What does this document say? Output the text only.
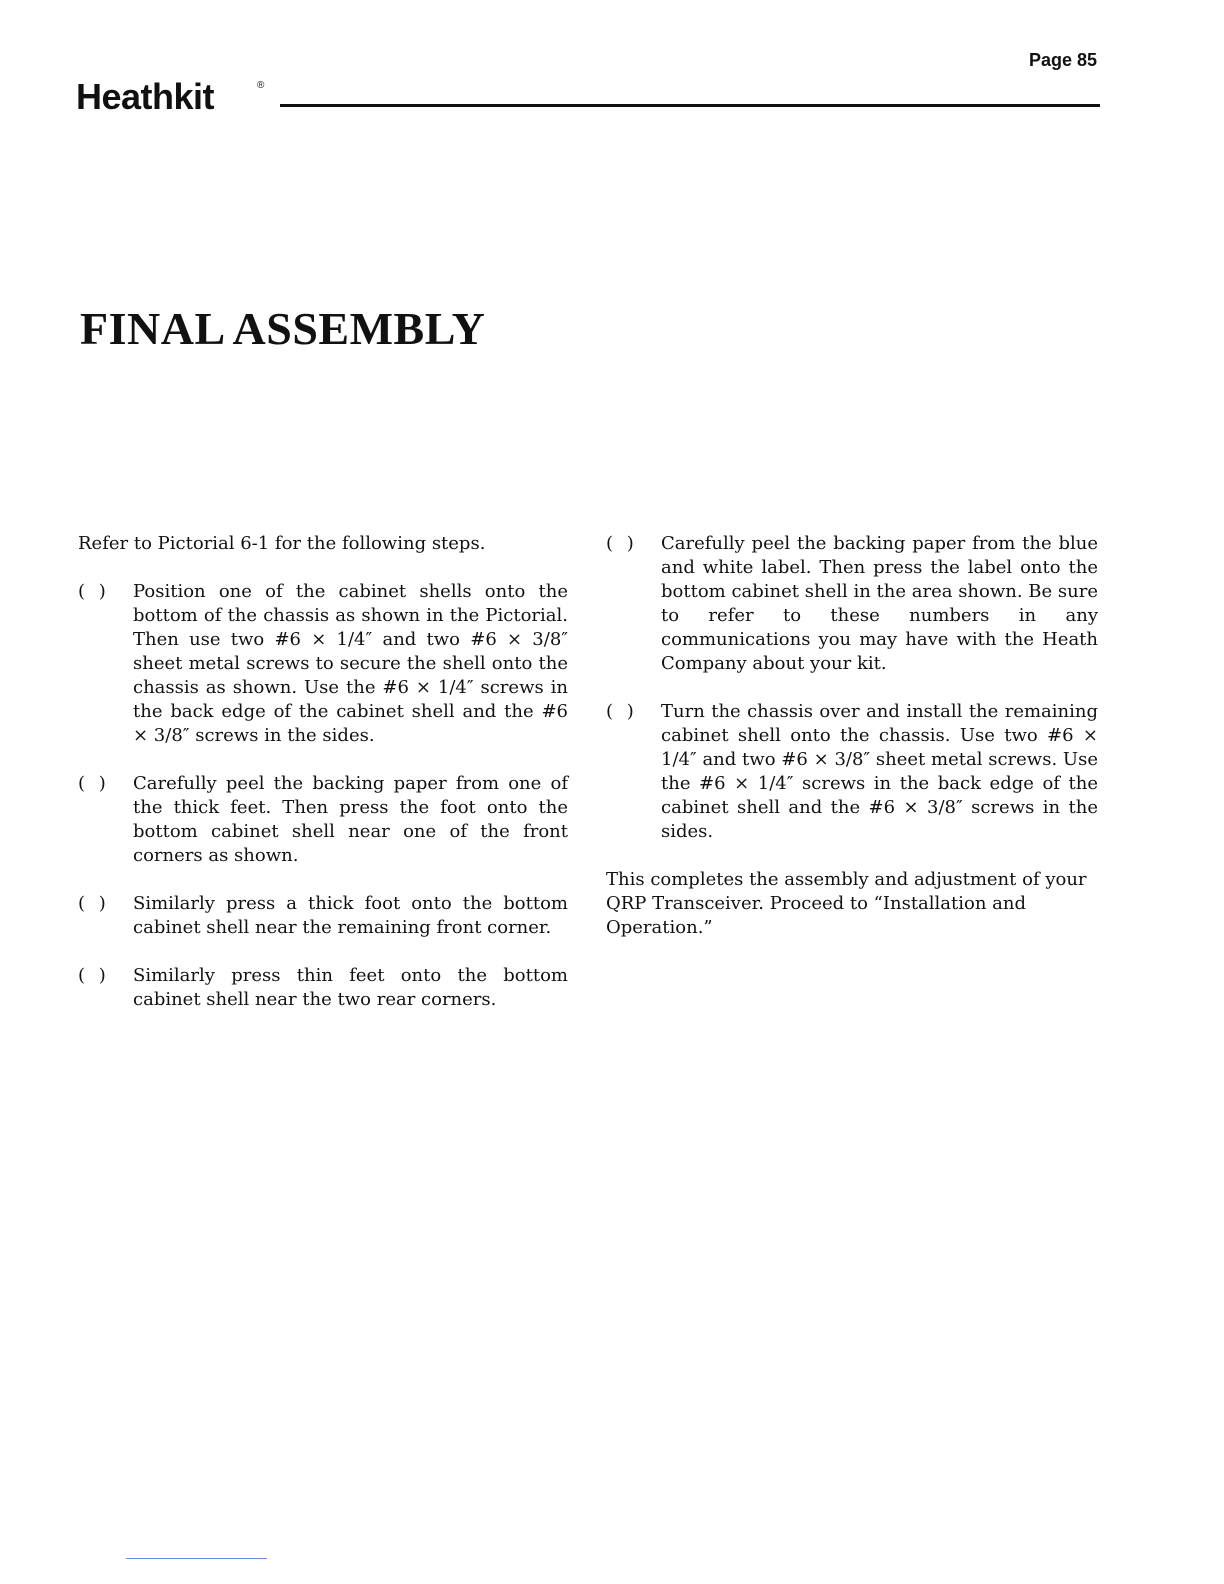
Page 85
Heathkit	®
FINAL ASSEMBLY

Refer to Pictorial 6-1 for the following steps.

( ) Position one of the cabinet shells onto the bottom of the chassis as shown in the Pictorial. Then use two #6 × 1/4″ and two #6 × 3/8″ sheet metal screws to secure the shell onto the chassis as shown. Use the #6 × 1/4″ screws in the back edge of the cabinet shell and the #6 × 3/8″ screws in the sides.
( ) Carefully peel the backing paper from one of the thick feet. Then press the foot onto the bottom cabinet shell near one of the front corners as shown.
( ) Similarly press a thick foot onto the bottom cabinet shell near the remaining front corner.
( ) Similarly press thin feet onto the bottom cabinet shell near the two rear corners.
( ) Carefully peel the backing paper from the blue and white label. Then press the label onto the bottom cabinet shell in the area shown. Be sure to refer to these numbers in any communications you may have with the Heath Company about your kit.
( ) Turn the chassis over and install the remaining cabinet shell onto the chassis. Use two #6 × 1/4″ and two #6 × 3/8″ sheet metal screws. Use the #6 × 1/4″ screws in the back edge of the cabinet shell and the #6 × 3/8″ screws in the sides.

This completes the assembly and adjustment of your QRP Transceiver. Proceed to “Installation and Operation.”
